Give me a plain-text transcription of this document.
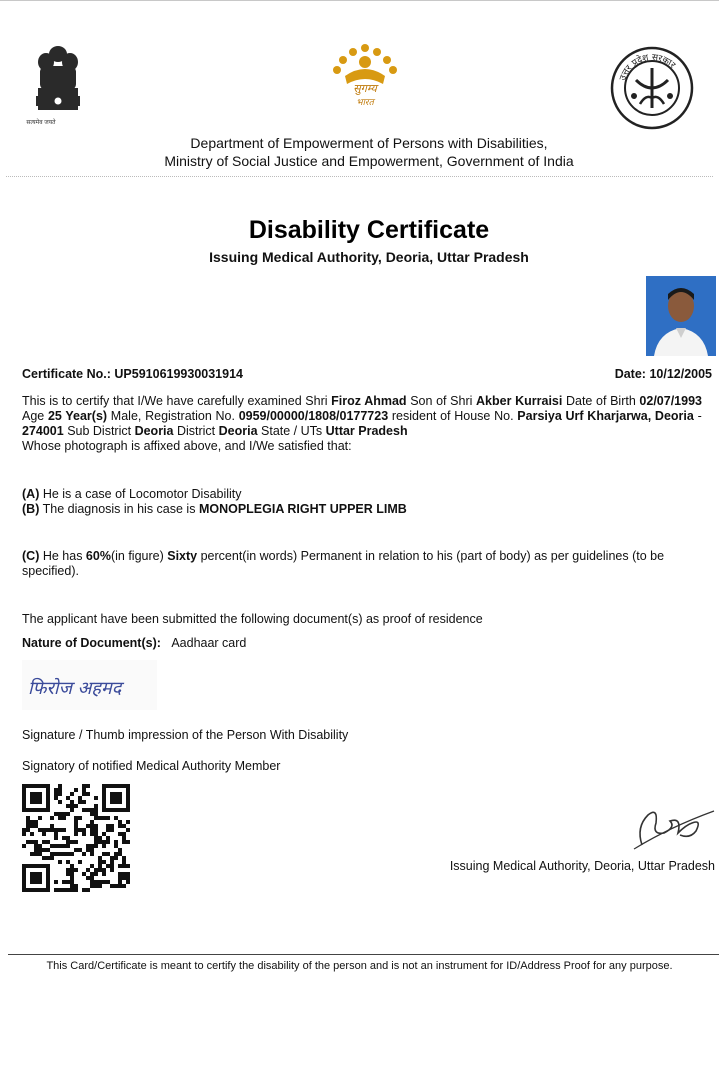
सत्यमेव जयते
सुगम्य
भारत
उत्तर प्रदेश सरकार
Department of Empowerment of Persons with Disabilities,
Ministry of Social Justice and Empowerment, Government of India
Disability Certificate
Issuing Medical Authority, Deoria, Uttar Pradesh
Certificate No.: UP5910619930031914	Date: 10/12/2005
This is to certify that I/We have carefully examined Shri Firoz Ahmad Son of Shri Akber Kurraisi Date of Birth 02/07/1993 Age 25 Year(s) Male, Registration No. 0959/00000/1808/0177723 resident of House No. Parsiya Urf Kharjarwa, Deoria - 274001 Sub District Deoria District Deoria State / UTs Uttar Pradesh
Whose photograph is affixed above, and I/We satisfied that:
(A) He is a case of Locomotor Disability
(B) The diagnosis in his case is MONOPLEGIA RIGHT UPPER LIMB
(C) He has 60%(in figure) Sixty percent(in words) Permanent in relation to his (part of body) as per guidelines (to be specified).
The applicant have been submitted the following document(s) as proof of residence
Nature of Document(s): Aadhaar card
फिरोज अहमद
Signature / Thumb impression of the Person With Disability
Signatory of notified Medical Authority Member
Issuing Medical Authority, Deoria, Uttar Pradesh
This Card/Certificate is meant to certify the disability of the person and is not an instrument for ID/Address Proof for any purpose.
